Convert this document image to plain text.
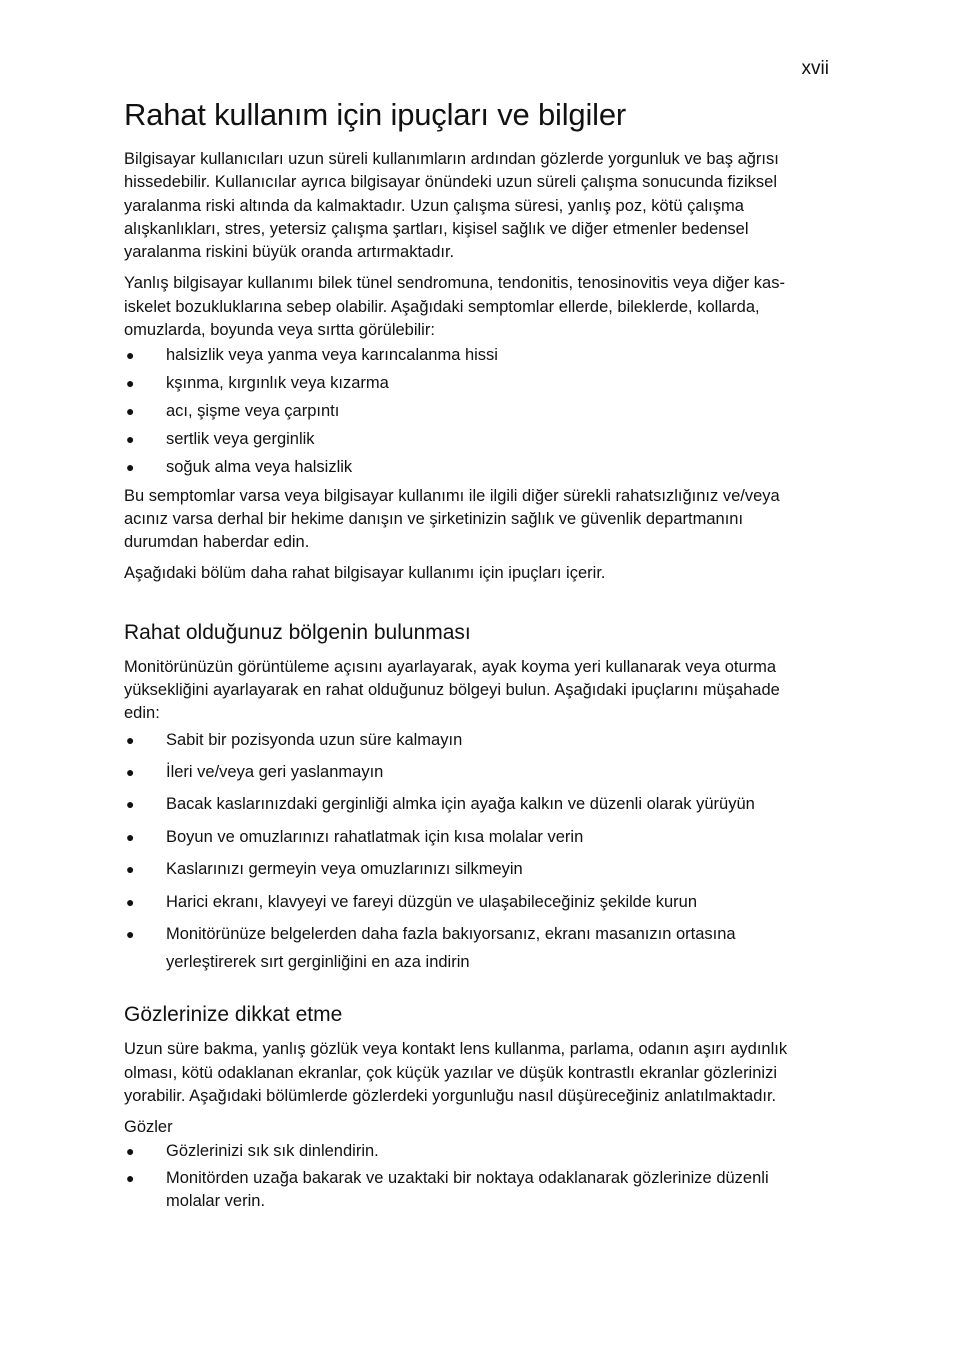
xvii
Rahat kullanım için ipuçları ve bilgiler

Bilgisayar kullanıcıları uzun süreli kullanımların ardından gözlerde yorgunluk ve baş ağrısı hissedebilir. Kullanıcılar ayrıca bilgisayar önündeki uzun süreli çalışma sonucunda fiziksel yaralanma riski altında da kalmaktadır. Uzun çalışma süresi, yanlış poz, kötü çalışma alışkanlıkları, stres, yetersiz çalışma şartları, kişisel sağlık ve diğer etmenler bedensel yaralanma riskini büyük oranda artırmaktadır.

Yanlış bilgisayar kullanımı bilek tünel sendromuna, tendonitis, tenosinovitis veya diğer kas-iskelet bozukluklarına sebep olabilir. Aşağıdaki semptomlar ellerde, bileklerde, kollarda, omuzlarda, boyunda veya sırtta görülebilir:

● halsizlik veya yanma veya karıncalanma hissi
● kşınma, kırgınlık veya kızarma
● acı, şişme veya çarpıntı
● sertlik veya gerginlik
● soğuk alma veya halsizlik

Bu semptomlar varsa veya bilgisayar kullanımı ile ilgili diğer sürekli rahatsızlığınız ve/veya acınız varsa derhal bir hekime danışın ve şirketinizin sağlık ve güvenlik departmanını durumdan haberdar edin.

Aşağıdaki bölüm daha rahat bilgisayar kullanımı için ipuçları içerir.

Rahat olduğunuz bölgenin bulunması

Monitörünüzün görüntüleme açısını ayarlayarak, ayak koyma yeri kullanarak veya oturma yüksekliğini ayarlayarak en rahat olduğunuz bölgeyi bulun. Aşağıdaki ipuçlarını müşahade edin:

● Sabit bir pozisyonda uzun süre kalmayın
● İleri ve/veya geri yaslanmayın
● Bacak kaslarınızdaki gerginliği almka için ayağa kalkın ve düzenli olarak yürüyün
● Boyun ve omuzlarınızı rahatlatmak için kısa molalar verin
● Kaslarınızı germeyin veya omuzlarınızı silkmeyin
● Harici ekranı, klavyeyi ve fareyi düzgün ve ulaşabileceğiniz şekilde kurun
● Monitörünüze belgelerden daha fazla bakıyorsanız, ekranı masanızın ortasına yerleştirerek sırt gerginliğini en aza indirin
Gözlerinize dikkat etme

Uzun süre bakma, yanlış gözlük veya kontakt lens kullanma, parlama, odanın aşırı aydınlık olması, kötü odaklanan ekranlar, çok küçük yazılar ve düşük kontrastlı ekranlar gözlerinizi yorabilir. Aşağıdaki bölümlerde gözlerdeki yorgunluğu nasıl düşüreceğiniz anlatılmaktadır.

Gözler

● Gözlerinizi sık sık dinlendirin.
● Monitörden uzağa bakarak ve uzaktaki bir noktaya odaklanarak gözlerinize düzenli molalar verin.
